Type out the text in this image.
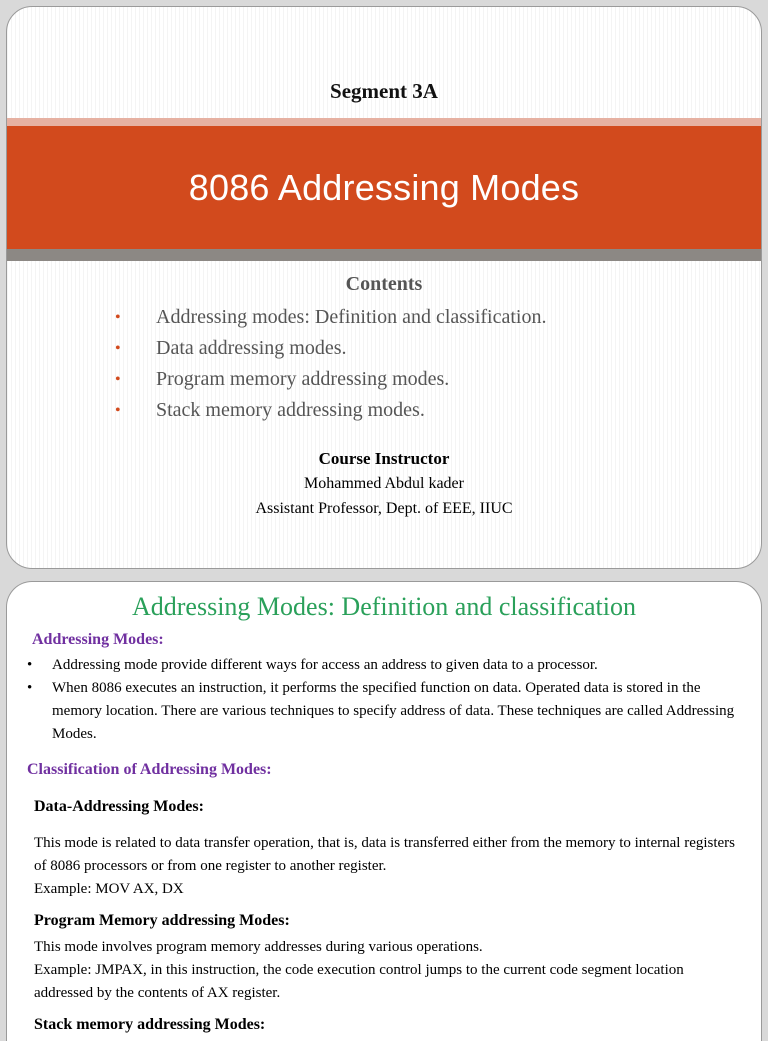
Segment 3A
8086 Addressing Modes
Contents
• Addressing modes: Definition and classification.
• Data addressing modes.
• Program memory addressing modes.
• Stack memory addressing modes.
Course Instructor
Mohammed Abdul kader
Assistant Professor, Dept. of EEE, IIUC
Addressing Modes: Definition and classification
Addressing Modes:
• Addressing mode provide different ways for access an address to given data to a processor.
• When 8086 executes an instruction, it performs the specified function on data. Operated data is stored in the memory location. There are various techniques to specify address of data. These techniques are called Addressing Modes.
Classification of Addressing Modes:
Data-Addressing Modes:
This mode is related to data transfer operation, that is, data is transferred either from the memory to internal registers of 8086 processors or from one register to another register.
Example: MOV AX, DX
Program Memory addressing Modes:
This mode involves program memory addresses during various operations.
Example: JMPAX, in this instruction, the code execution control jumps to the current code segment location addressed by the contents of AX register.
Stack memory addressing Modes:
